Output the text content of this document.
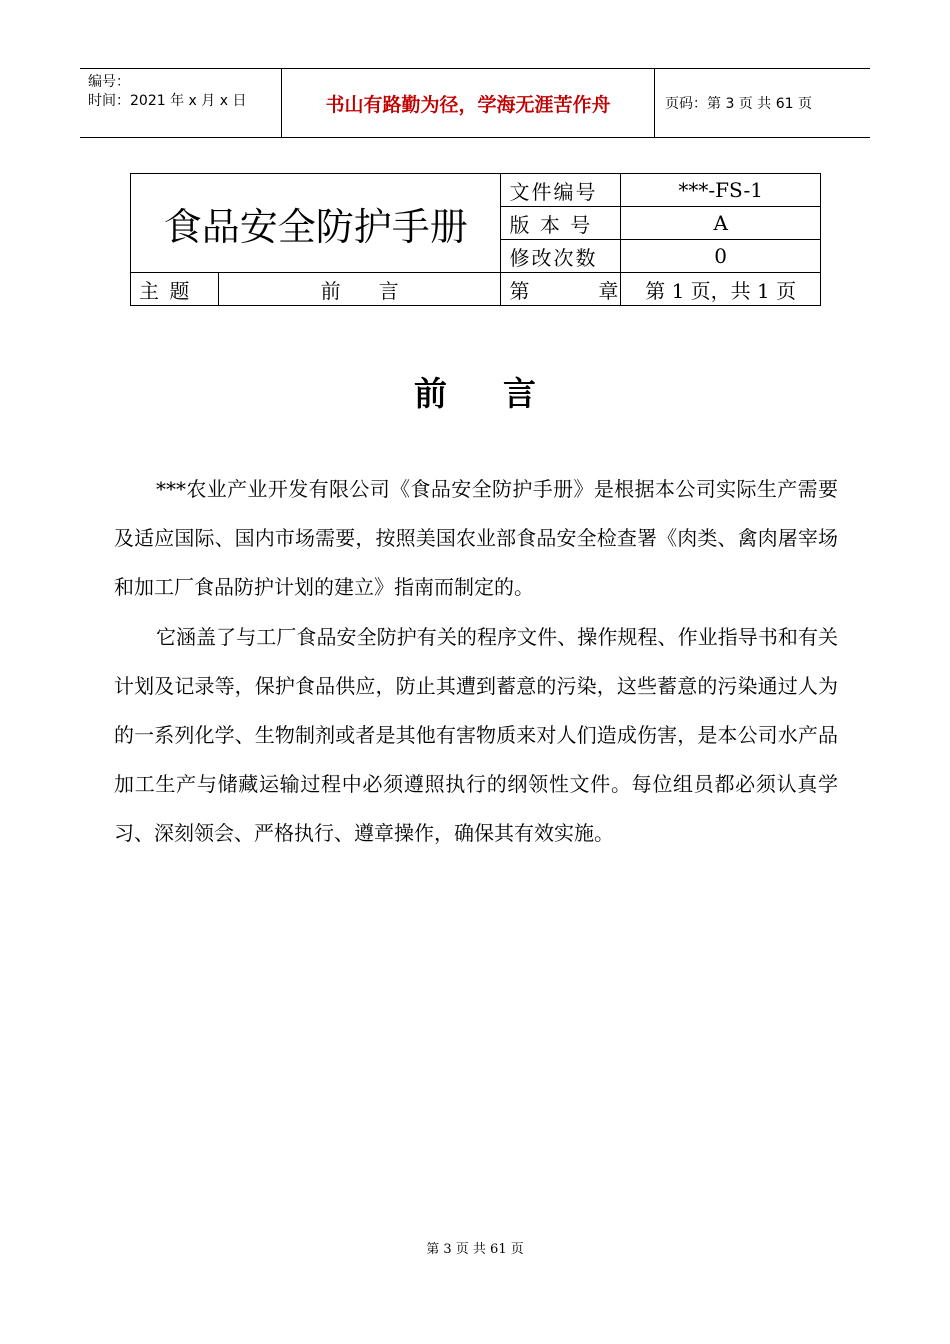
编号：
时间：2021 年 x 月 x 日	书山有路勤为径，学海无涯苦作舟	页码：第 3 页 共 61 页
食品安全防护手册		文件编号	***-FS-1
		版 本 号	A
		修改次数	0
主 题	前      言	第        章	第 1 页，共 1 页
前言

***农业产业开发有限公司《食品安全防护手册》是根据本公司实际生产需要及适应国际、国内市场需要，按照美国农业部食品安全检查署《肉类、禽肉屠宰场和加工厂食品防护计划的建立》指南而制定的。

它涵盖了与工厂食品安全防护有关的程序文件、操作规程、作业指导书和有关计划及记录等，保护食品供应，防止其遭到蓄意的污染，这些蓄意的污染通过人为的一系列化学、生物制剂或者是其他有害物质来对人们造成伤害，是本公司水产品加工生产与储藏运输过程中必须遵照执行的纲领性文件。每位组员都必须认真学习、深刻领会、严格执行、遵章操作，确保其有效实施。

第 3 页 共 61 页
